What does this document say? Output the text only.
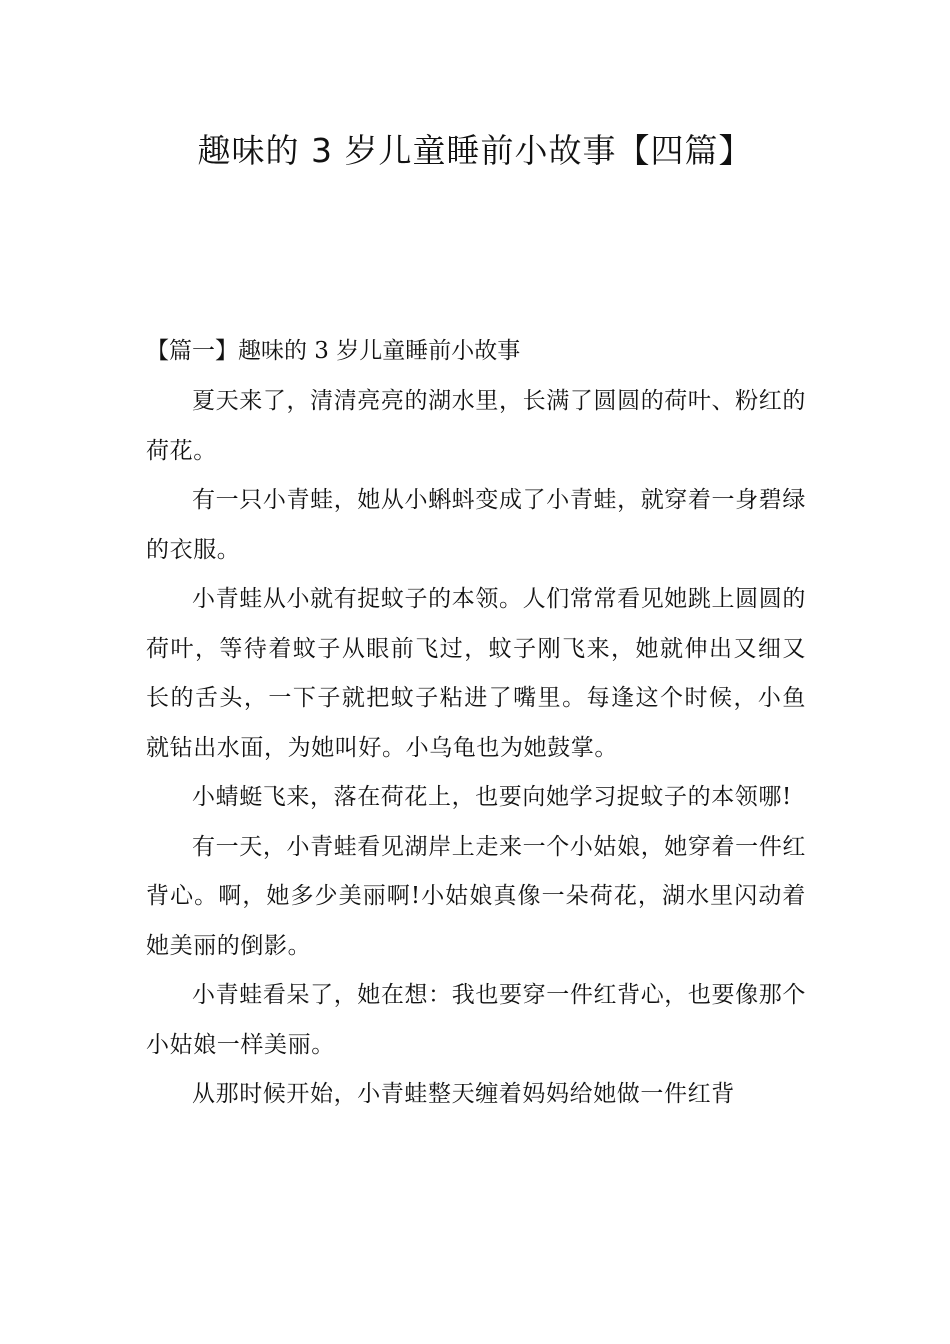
趣味的 3 岁儿童睡前小故事【四篇】
【篇一】趣味的 3 岁儿童睡前小故事

夏天来了，清清亮亮的湖水里，长满了圆圆的荷叶、粉红的荷花。

有一只小青蛙，她从小蝌蚪变成了小青蛙，就穿着一身碧绿的衣服。

小青蛙从小就有捉蚊子的本领。人们常常看见她跳上圆圆的荷叶，等待着蚊子从眼前飞过，蚊子刚飞来，她就伸出又细又长的舌头，一下子就把蚊子粘进了嘴里。每逢这个时候，小鱼就钻出水面，为她叫好。小乌龟也为她鼓掌。

小蜻蜓飞来，落在荷花上，也要向她学习捉蚊子的本领哪!

有一天，小青蛙看见湖岸上走来一个小姑娘，她穿着一件红背心。啊，她多少美丽啊!小姑娘真像一朵荷花，湖水里闪动着她美丽的倒影。

小青蛙看呆了，她在想：我也要穿一件红背心，也要像那个小姑娘一样美丽。

从那时候开始，小青蛙整天缠着妈妈给她做一件红背
